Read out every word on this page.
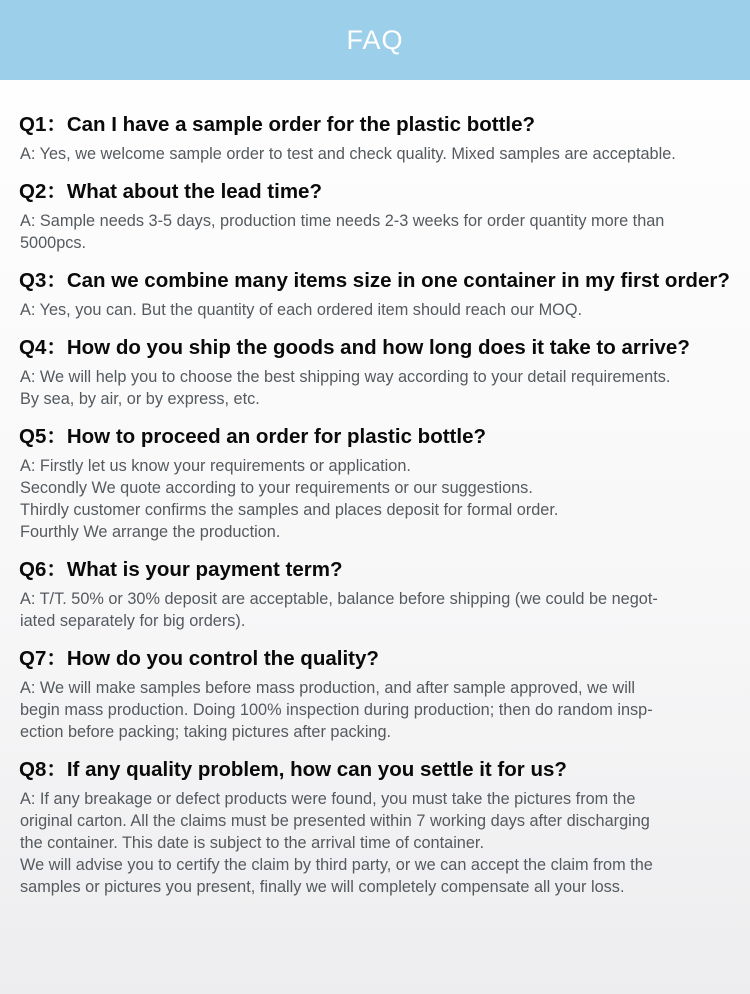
FAQ
Q1：Can I have a sample order for the plastic bottle?
A: Yes, we welcome sample order to test and check quality. Mixed samples are acceptable.
Q2：What about the lead time?
A: Sample needs 3-5 days, production time needs 2-3 weeks for order quantity more than
5000pcs.
Q3：Can we combine many items size in one container in my first order?
A: Yes, you can. But the quantity of each ordered item should reach our MOQ.
Q4：How do you ship the goods and how long does it take to arrive?
A: We will help you to choose the best shipping way according to your detail requirements.
By sea, by air, or by express, etc.
Q5：How to proceed an order for plastic bottle?
A: Firstly let us know your requirements or application.
Secondly We quote according to your requirements or our suggestions.
Thirdly customer confirms the samples and places deposit for formal order.
Fourthly We arrange the production.
Q6：What is your payment term?
A: T/T. 50% or 30% deposit are acceptable, balance before shipping (we could be negot-
iated separately for big orders).
Q7：How do you control the quality?
A: We will make samples before mass production, and after sample approved, we will
begin mass production. Doing 100% inspection during production; then do random insp-
ection before packing; taking pictures after packing.
Q8：If any quality problem, how can you settle it for us?
A: If any breakage or defect products were found, you must take the pictures from the
original carton. All the claims must be presented within 7 working days after discharging
the container. This date is subject to the arrival time of container.
We will advise you to certify the claim by third party, or we can accept the claim from the
samples or pictures you present, finally we will completely compensate all your loss.
